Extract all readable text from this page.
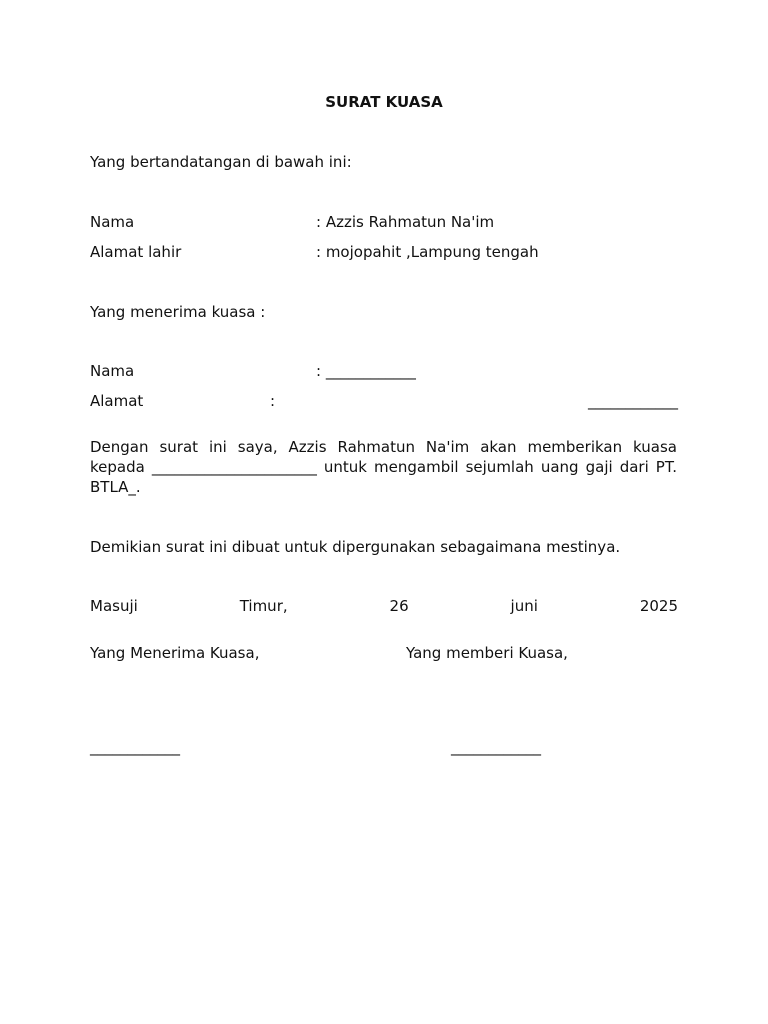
SURAT KUASA
Yang bertandatangan di bawah ini:
Nama	: Azzis Rahmatun Na'im
Alamat lahir	: mojopahit ,Lampung tengah
Yang menerima kuasa :
Nama	: ____________
Alamat	:	____________
Dengan surat ini saya, Azzis Rahmatun Na'im akan memberikan kuasa kepada ______________________ untuk mengambil sejumlah uang gaji dari PT. BTLA_.
Demikian surat ini dibuat untuk dipergunakan sebagaimana mestinya.
Masuji	Timur,	26	juni	2025
Yang Menerima Kuasa,	Yang memberi Kuasa,
____________	____________
